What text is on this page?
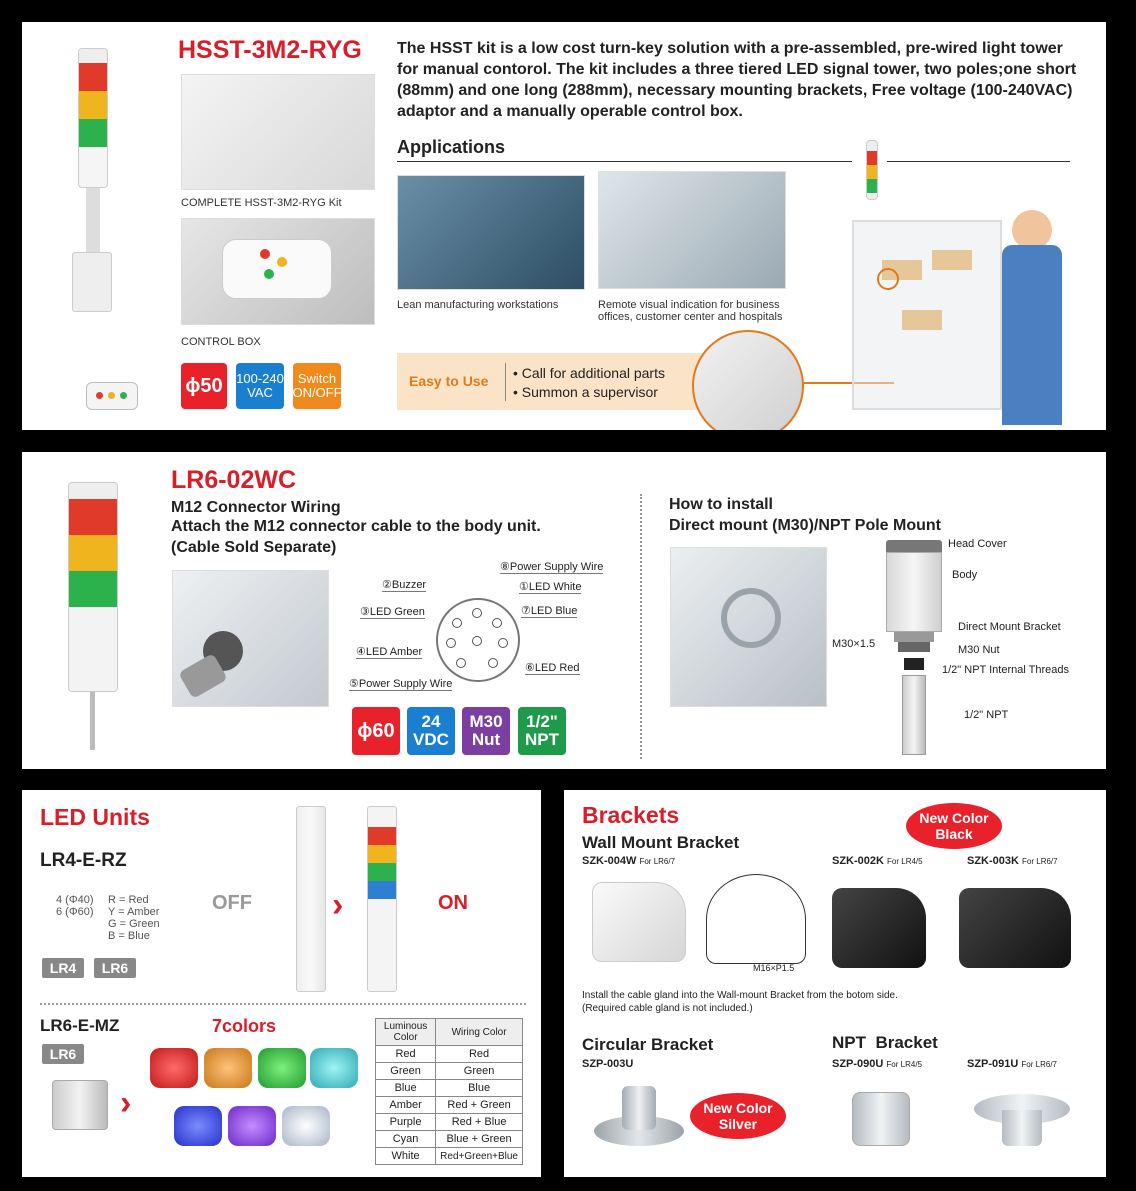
HSST-3M2-RYG
COMPLETE HSST-3M2-RYG Kit
CONTROL BOX
ϕ50 100-240
VAC
Switch
ON/OFF
The HSST kit is a low cost turn-key solution with a pre-assembled, pre-wired light tower for manual contorol. The kit includes a three tiered LED signal tower, two poles;one short (88mm) and one long (288mm), necessary mounting brackets, Free voltage (100-240VAC) adaptor and a manually operable control box.
Applications
Lean manufacturing workstations	Remote visual indication for business offices, customer center and hospitals
Easy to Use • Call for additional parts
• Summon a supervisor
LR6-02WC
M12 Connector Wiring
Attach the M12 connector cable to the body unit.
(Cable Sold Separate)
⑧Power Supply Wire
②Buzzer	①LED White
③LED Green	⑦LED Blue
④LED Amber
⑥LED Red
⑤Power Supply Wire
ϕ60 24
VDC
M30
Nut
1/2"
NPT
How to install
Direct mount (M30)/NPT Pole Mount
Head Cover
Body
Direct Mount Bracket
M30 Nut
M30×1.5
1/2" NPT Internal Threads
1/2" NPT
LED Units
LR4-E-RZ
4 (Φ40)
6 (Φ60)
R = Red
Y = Amber
G = Green
B = Blue
LR4 LR6
OFF ›	ON
LR6-E-MZ	7colors
LR6
›
Luminous Color	Wiring Color
Red	Red
Green	Green
Blue	Blue
Amber	Red + Green
Purple	Red + Blue
Cyan	Blue + Green
White	Red+Green+Blue
Brackets
Wall Mount Bracket
SZK-004W For LR6/7
New Color
Black
SZK-002K For LR4/5	SZK-003K For LR6/7
M16×P1.5
Install the cable gland into the Wall-mount Bracket from the botom side.
(Required cable gland is not included.)
Circular Bracket
SZP-003U
New Color
Silver
NPT  Bracket
SZP-090U For LR4/5	SZP-091U For LR6/7
